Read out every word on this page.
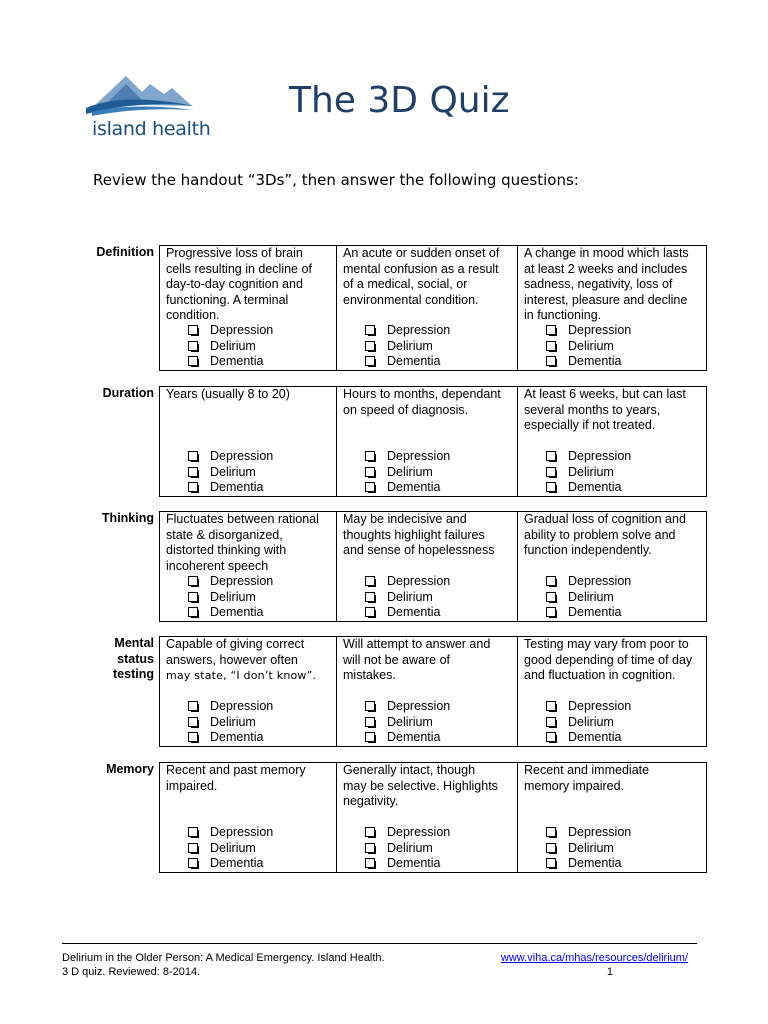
island health
The 3D Quiz
Review the handout “3Ds”, then answer the following questions:
Definition Progressive loss of brain
cells resulting in decline of
day-to-day cognition and
functioning. A terminal
condition.
Depression
Delirium
Dementia
An acute or sudden onset of
mental confusion as a result
of a medical, social, or
environmental condition.
Depression
Delirium
Dementia
A change in mood which lasts
at least 2 weeks and includes
sadness, negativity, loss of
interest, pleasure and decline
in functioning.
Depression
Delirium
Dementia
Duration Years (usually 8 to 20)
Depression
Delirium
Dementia
Hours to months, dependant
on speed of diagnosis.
Depression
Delirium
Dementia
At least 6 weeks, but can last
several months to years,
especially if not treated.
Depression
Delirium
Dementia
Thinking Fluctuates between rational
state & disorganized,
distorted thinking with
incoherent speech
Depression
Delirium
Dementia
May be indecisive and
thoughts highlight failures
and sense of hopelessness
Depression
Delirium
Dementia
Gradual loss of cognition and
ability to problem solve and
function independently.
Depression
Delirium
Dementia
Mental
status
testing
Capable of giving correct
answers, however often
may state, “I don’t know”.
Depression
Delirium
Dementia
Will attempt to answer and
will not be aware of
mistakes.
Depression
Delirium
Dementia
Testing may vary from poor to
good depending of time of day
and fluctuation in cognition.
Depression
Delirium
Dementia
Memory Recent and past memory
impaired.
Depression
Delirium
Dementia
Generally intact, though
may be selective. Highlights
negativity.
Depression
Delirium
Dementia
Recent and immediate
memory impaired.
Depression
Delirium
Dementia
Delirium in the Older Person: A Medical Emergency. Island Health.
3 D quiz. Reviewed: 8-2014.
www.viha.ca/mhas/resources/delirium/
1
